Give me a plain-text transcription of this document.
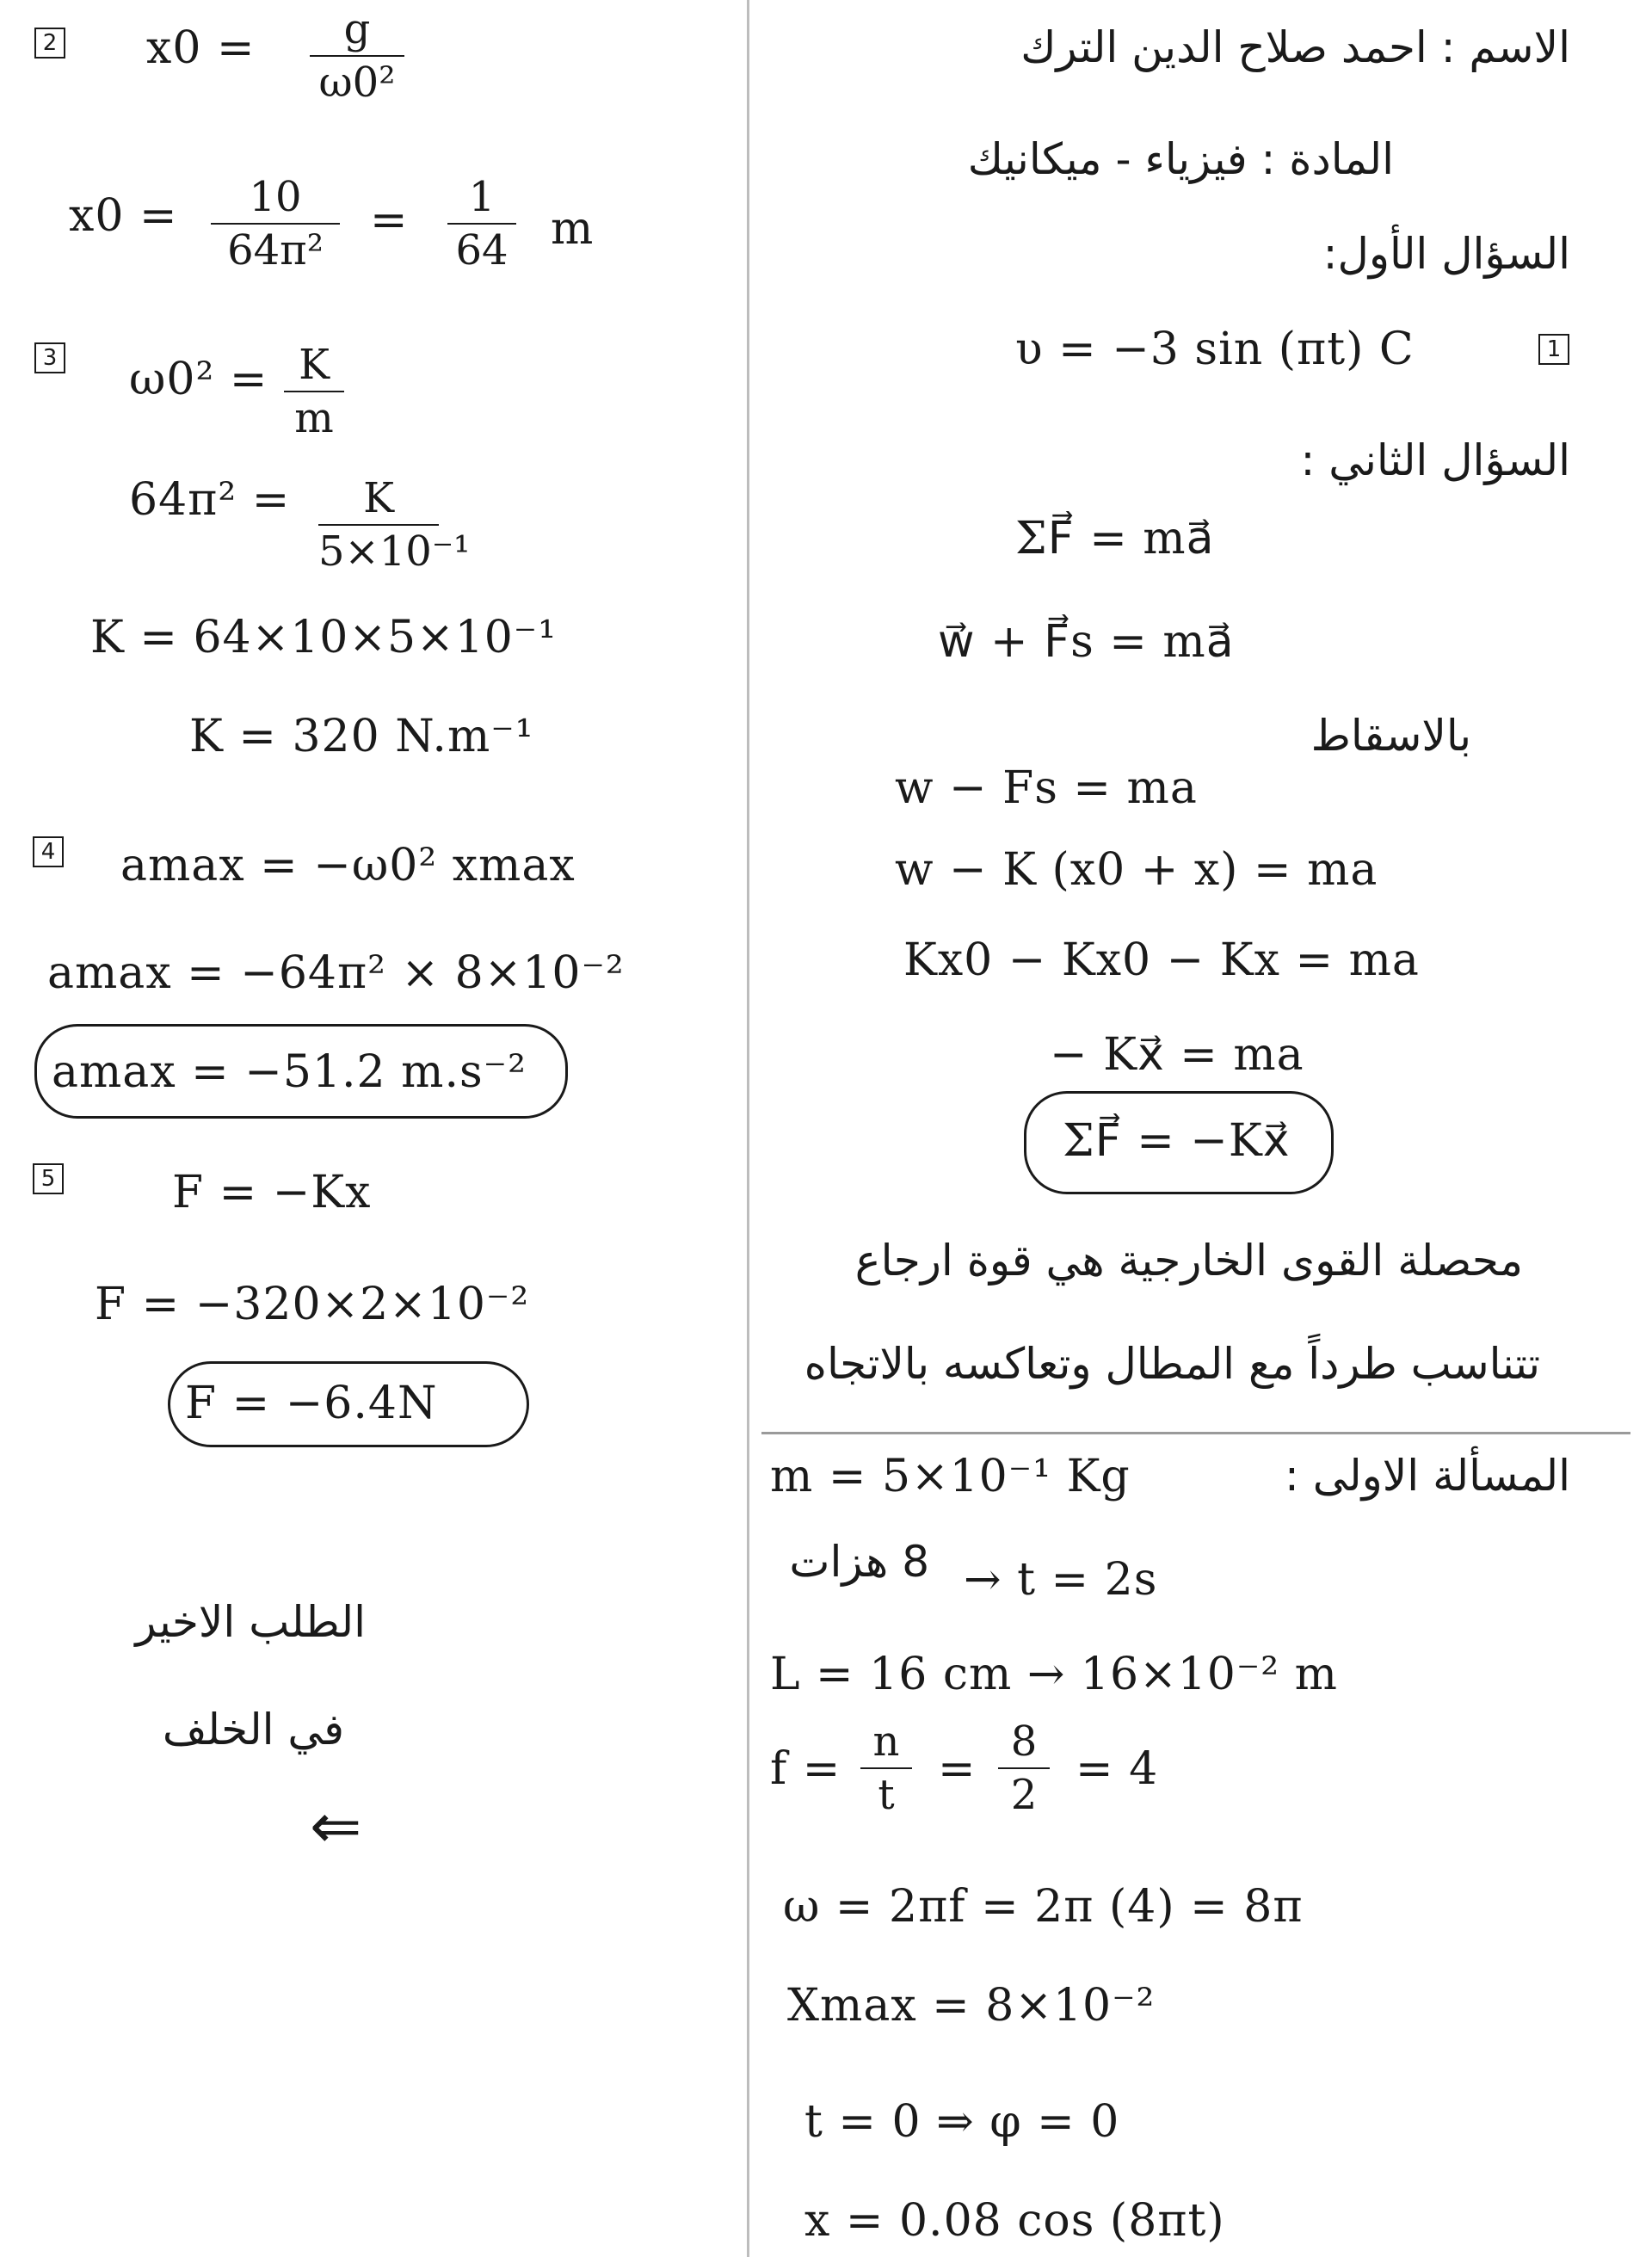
الاسم : احمد صلاح الدين الترك
المادة : فيزياء - ميكانيك
السؤال الأول:
1
υ = −3 sin (πt) C
السؤال الثاني :
ΣF⃗ = ma⃗
w⃗ + F⃗s = ma⃗
بالاسقاط
w − Fs = ma
w − K (x0 + x) = ma
Kx0 − Kx0 − Kx = ma
− Kx⃗ = ma
ΣF⃗ = −Kx⃗
محصلة القوى الخارجية هي قوة ارجاع
تتناسب طرداً مع المطال وتعاكسه بالاتجاه
المسألة الاولى :
m = 5×10⁻¹ Kg
8 هزات → t = 2s
L = 16 cm → 16×10⁻² m
f =
n
t =
8
2 = 4
ω = 2πf = 2π (4) = 8π
Xmax = 8×10⁻²
t = 0 ⇒ φ = 0
x = 0.08 cos (8πt)
2 x0 =	g
ω0²
x0 =	10
64π²
=	1
64 m
3 ω0² = K
m
64π² =	K
5×10⁻¹
K = 64×10×5×10⁻¹
K = 320 N.m⁻¹
4 amax = −ω0² xmax
amax = −64π² × 8×10⁻²
amax = −51.2 m.s⁻²
5	F = −Kx
F = −320×2×10⁻²
F = −6.4N
الطلب الاخير
في الخلف
⇐
